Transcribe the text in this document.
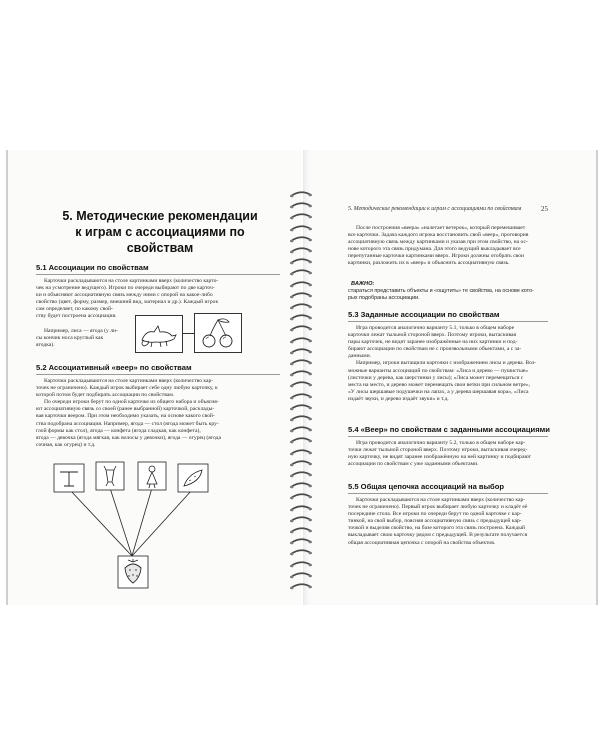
5. Методические рекомендации
к играм с ассоциациями по свойствам
5.1 Ассоциации по свойствам

Карточки раскладываются на столе картинками вверх (количество карто-

чек на усмотрение ведущего). Игроки по очереди выбирают по две карточ-

ки и объясняют ассоциативную связь между ними с опорой на какое-либо

свойство (цвет, форму, размер, внешний вид, материал и др.). Каждый игрок

сам определяет, по какому свой-

ству будет построена ассоциация.

Например, лиса — ягода (у ли-

сы кончик носа круглый как

ягодка).

5.2 Ассоциативный «веер» по свойствам

Карточки раскладываются на столе картинками вверх (количество кар-

точек не ограничено). Каждый игрок выбирает себе одну любую карточку, к

которой потом будет подбирать ассоциации по свойствам.

По очереди игроки берут по одной карточке из общего набора и объясня-

ют ассоциативную связь со своей (ранее выбранной) карточкой, расклады-

вая карточки веером. При этом необходимо указать, на основе какого свой-

ства подобрана ассоциация. Например, ягода — стол (ягода может быть кру-

глой формы как стол), ягода — конфета (ягода сладкая, как конфета),

ягода — девочка (ягода мягкая, как волосы у девочки), ягода — огурец (ягода

сочная, как огурец) и т.д.

5. Методические рекомендации к играм с ассоциациями по свойствам	25

После построения «веера» «налетает ветерок», который перемешивает

все карточки. Задача каждого игрока восстановить свой «веер», проговорив

ассоциативную связь между картинками и указав при этом свойство, на ос-

нове которого эта связь придумана. Для этого ведущий выкладывает все

перепутанные карточки картинками вверх. Игроки должны отобрать свои

картинки, разложить их в «веер» и объяснить ассоциативную связь.

ВАЖНО:
стараться представить объекты и «ощутить» те свойства, на основе кото-
рых подобраны ассоциации.
5.3 Заданные ассоциации по свойствам

Игра проводится аналогично варианту 5.1, только в общем наборе

карточки лежат тыльной стороной вверх. Поэтому игроки, вытаскивая

пары карточек, не видят заранее изображённые на них картинки и под-

бирают ассоциации по свойствам не с произвольными объектами, а с за-

данными.

Например, игроки вытащили карточки с изображением лисы и дерева. Воз-

можные варианты ассоциаций по свойствам: «Лиса и дерево — пушистые»

(листочки у дерева, как шерстинки у лисы); «Лиса может перемещаться с

места на место, и дерево может перемещать свои ветки при сильном ветре»,

«У лисы шершавые подушечки на лапах, а у дерева шершавая кора», «Лиса

издаёт звуки, и дерево издаёт звуки» и т.д.

5.4 «Веер» по свойствам с заданными ассоциациями

Игра проводится аналогично варианту 5.2, только в общем наборе кар-

точки лежат тыльной стороной вверх. Поэтому игроки, вытаскивая очеред-

ную карточку, не видят заранее изображённую на ней картинку и подбирают

ассоциации по свойствам с уже заданными объектами.

5.5 Общая цепочка ассоциаций на выбор

Карточки раскладываются на столе картинками вверх (количество кар-

точек не ограничено). Первый игрок выбирает любую карточку и кладёт её

посередине стола. Все игроки по очереди берут по одной карточке с кар-

тинкой, на свой выбор, поясняя ассоциативную связь с предыдущей кар-

точкой и выделяя свойство, на базе которого эта связь построена. Каждый

выкладывает свою карточку рядом с предыдущей. В результате получается

общая ассоциативная цепочка с опорой на свойства объектов.
